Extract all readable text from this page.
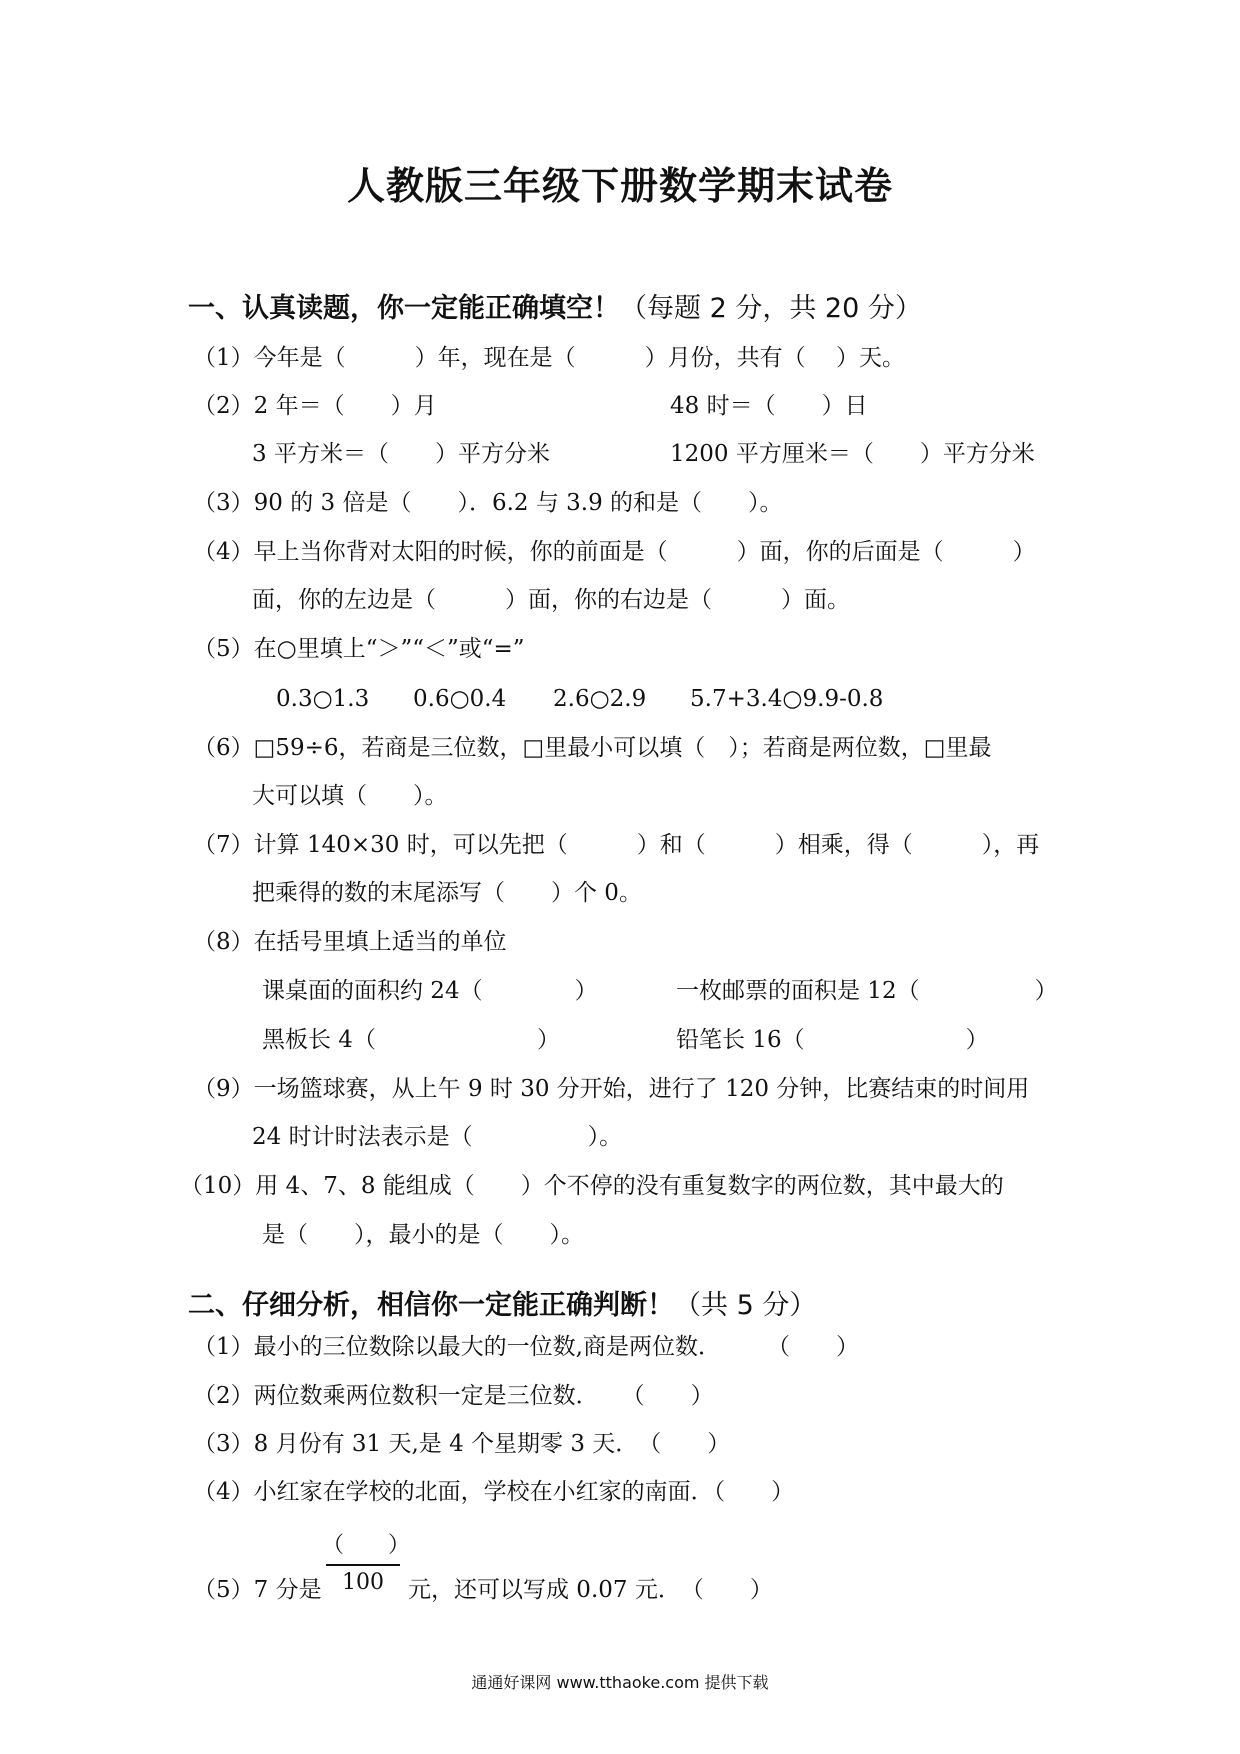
人教版三年级下册数学期末试卷
一、认真读题，你一定能正确填空！（每题 2 分，共 20 分）
（1）今年是（　　　）年，现在是（　　　）月份，共有（　 ）天。
（2）2 年＝（　　）月	48 时＝（　　）日
3 平方米＝（　　）平方分米	1200 平方厘米＝（　　）平方分米
（3）90 的 3 倍是（　　）．6.2 与 3.9 的和是（　　）。
（4）早上当你背对太阳的时候，你的前面是（　　　）面，你的后面是（　　　）
面，你的左边是（　　　）面，你的右边是（　　　）面。
（5）在○里填上“＞”“＜”或“=”
0.3○1.3 0.6○0.4 2.6○2.9 5.7+3.4○9.9-0.8
（6）□59÷6，若商是三位数，□里最小可以填（　）；若商是两位数，□里最
大可以填（　　）。
（7）计算 140×30 时，可以先把（　　　）和（　　　）相乘，得（　　　），再
把乘得的数的末尾添写（　　）个 0。
（8）在括号里填上适当的单位
课桌面的面积约 24（　　　　）	一枚邮票的面积是 12（　　　　　）
黑板长 4（　　　　　　　）	铅笔长 16（　　　　　　　）
（9）一场篮球赛，从上午 9 时 30 分开始，进行了 120 分钟，比赛结束的时间用
24 时计时法表示是（　　　　　）。
（10）用 4、7、8 能组成（　　）个不停的没有重复数字的两位数，其中最大的
是（　　），最小的是（　　）。
二、仔细分析，相信你一定能正确判断！（共 5 分）
（1）最小的三位数除以最大的一位数,商是两位数．　　　（　　）
（2）两位数乘两位数积一定是三位数．　　（　　）
（3）8 月份有 31 天,是 4 个星期零 3 天．　（　　）
（4）小红家在学校的北面，学校在小红家的南面．（　　）
（5）7 分是
（　　）
100	元，还可以写成 0.07 元．　（　　）
通通好课网 www.tthaoke.com 提供下载
